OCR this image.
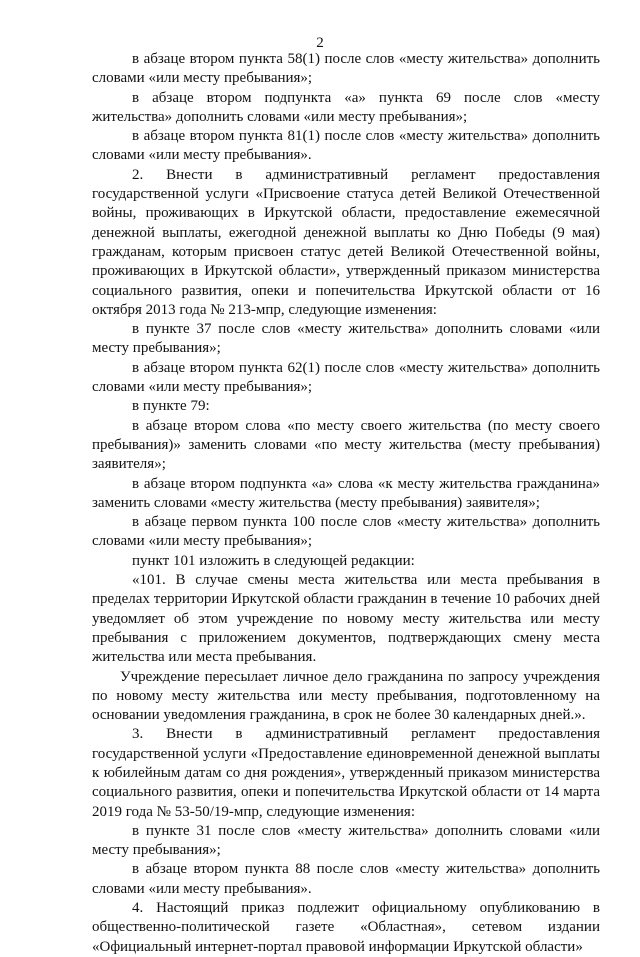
2

в абзаце втором пункта 58(1) после слов «месту жительства» дополнить словами «или месту пребывания»;

в абзаце втором подпункта «а» пункта 69 после слов «месту жительства» дополнить словами «или месту пребывания»;

в абзаце втором пункта 81(1) после слов «месту жительства» дополнить словами «или месту пребывания».

2. Внести в административный регламент предоставления государственной услуги «Присвоение статуса детей Великой Отечественной войны, проживающих в Иркутской области, предоставление ежемесячной денежной выплаты, ежегодной денежной выплаты ко Дню Победы (9 мая) гражданам, которым присвоен статус детей Великой Отечественной войны, проживающих в Иркутской области», утвержденный приказом министерства социального развития, опеки и попечительства Иркутской области от 16 октября 2013 года № 213-мпр, следующие изменения:

в пункте 37 после слов «месту жительства» дополнить словами «или месту пребывания»;

в абзаце втором пункта 62(1) после слов «месту жительства» дополнить словами «или месту пребывания»;

в пункте 79:

в абзаце втором слова «по месту своего жительства (по месту своего пребывания)» заменить словами «по месту жительства (месту пребывания) заявителя»;

в абзаце втором подпункта «а» слова «к месту жительства гражданина» заменить словами «месту жительства (месту пребывания) заявителя»;

в абзаце первом пункта 100 после слов «месту жительства» дополнить словами «или месту пребывания»;

пункт 101 изложить в следующей редакции:

«101. В случае смены места жительства или места пребывания в пределах территории Иркутской области гражданин в течение 10 рабочих дней уведомляет об этом учреждение по новому месту жительства или месту пребывания с приложением документов, подтверждающих смену места жительства или места пребывания.

Учреждение пересылает личное дело гражданина по запросу учреждения по новому месту жительства или месту пребывания, подготовленному на основании уведомления гражданина, в срок не более 30 календарных дней.».

3. Внести в административный регламент предоставления государственной услуги «Предоставление единовременной денежной выплаты к юбилейным датам со дня рождения», утвержденный приказом министерства социального развития, опеки и попечительства Иркутской области от 14 марта 2019 года № 53-50/19-мпр, следующие изменения:

в пункте 31 после слов «месту жительства» дополнить словами «или месту пребывания»;

в абзаце втором пункта 88 после слов «месту жительства» дополнить словами «или месту пребывания».

4. Настоящий приказ подлежит официальному опубликованию в общественно-политической газете «Областная», сетевом издании «Официальный интернет-портал правовой информации Иркутской области»
